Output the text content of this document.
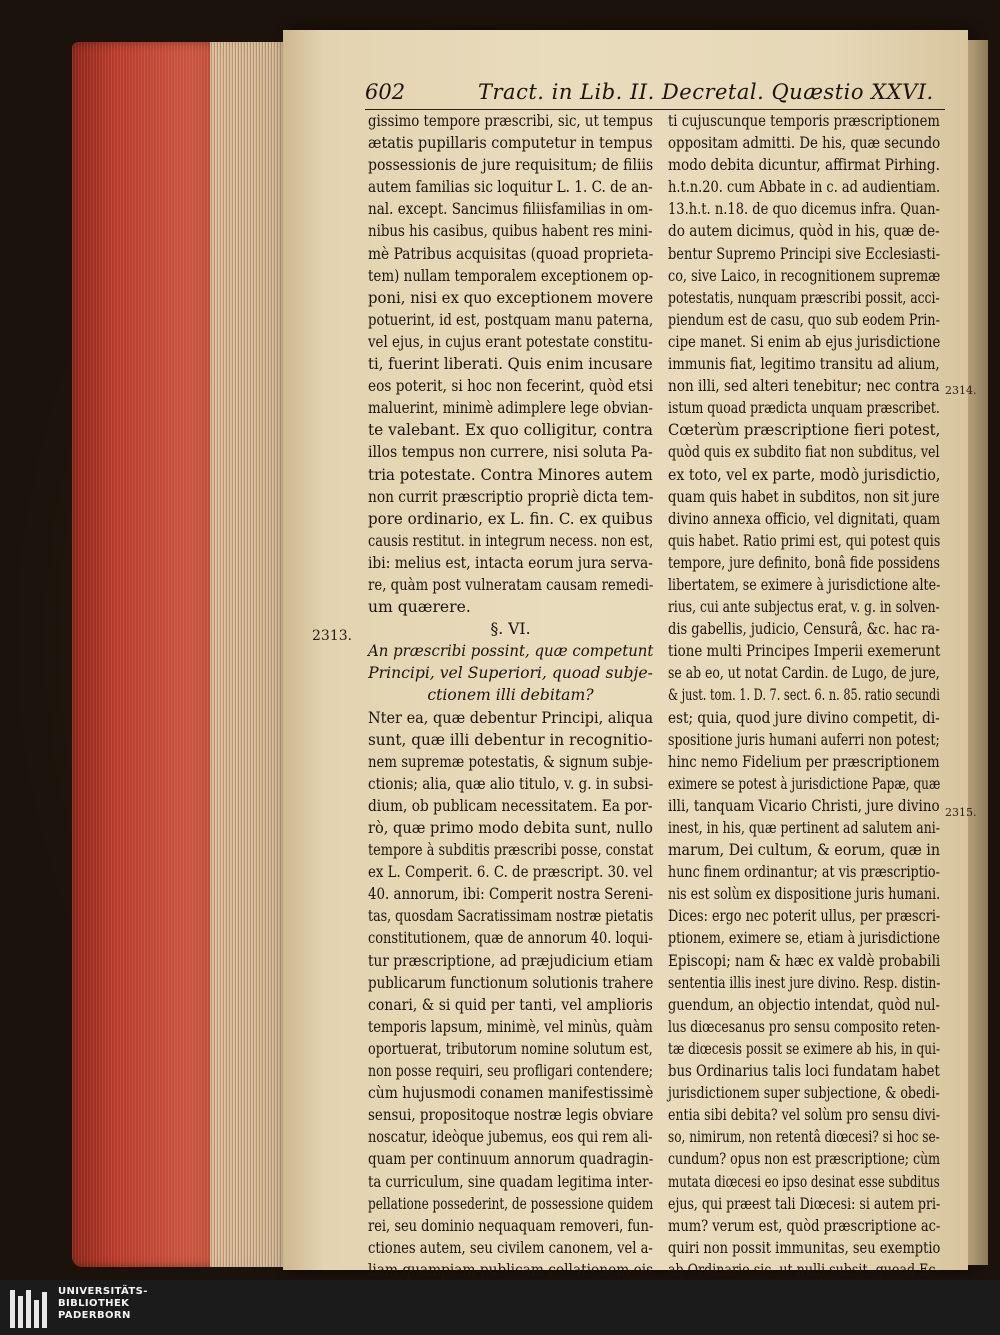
602	Tract. in Lib. II. Decretal. Quæstio XXVI.
gissimo tempore præscribi, sic, ut tempus
ætatis pupillaris computetur in tempus
possessionis de jure requisitum; de filiis
autem familias sic loquitur L. 1. C. de an-
nal. except. Sancimus filiisfamilias in om-
nibus his casibus, quibus habent res mini-
mè Patribus acquisitas (quoad proprieta-
tem) nullam temporalem exceptionem op-
poni, nisi ex quo exceptionem movere
potuerint, id est, postquam manu paterna,
vel ejus, in cujus erant potestate constitu-
ti, fuerint liberati. Quis enim incusare
eos poterit, si hoc non fecerint, quòd etsi
maluerint, minimè adimplere lege obvian-
te valebant. Ex quo colligitur, contra
illos tempus non currere, nisi soluta Pa-
tria potestate. Contra Minores autem
non currit præscriptio propriè dicta tem-
pore ordinario, ex L. fin. C. ex quibus
causis restitut. in integrum necess. non est,
ibi: melius est, intacta eorum jura serva-
re, quàm post vulneratam causam remedi-
um quærere.
§. VI.
An præscribi possint, quæ competunt
Principi, vel Superiori, quoad subje-
ctionem illi debitam?
Nter ea, quæ debentur Principi, aliqua
sunt, quæ illi debentur in recognitio-
nem supremæ potestatis, & signum subje-
ctionis; alia, quæ alio titulo, v. g. in subsi-
dium, ob publicam necessitatem. Ea por-
rò, quæ primo modo debita sunt, nullo
tempore à subditis præscribi posse, constat
ex L. Comperit. 6. C. de præscript. 30. vel
40. annorum, ibi: Comperit nostra Sereni-
tas, quosdam Sacratissimam nostræ pietatis
constitutionem, quæ de annorum 40. loqui-
tur præscriptione, ad præjudicium etiam
publicarum functionum solutionis trahere
conari, & si quid per tanti, vel amplioris
temporis lapsum, minimè, vel minùs, quàm
oportuerat, tributorum nomine solutum est,
non posse requiri, seu profligari contendere;
cùm hujusmodi conamen manifestissimè
sensui, propositoque nostræ legis obviare
noscatur, ideòque jubemus, eos qui rem ali-
quam per continuum annorum quadragin-
ta curriculum, sine quadam legitima inter-
pellatione possederint, de possessione quidem
rei, seu dominio nequaquam removeri, fun-
ctiones autem, seu civilem canonem, vel a-
liam quampiam publicam collationem eis
ti cujuscunque temporis præscriptionem
oppositam admitti. De his, quæ secundo
modo debita dicuntur, affirmat Pirhing.
h.t.n.20. cum Abbate in c. ad audientiam.
13.h.t. n.18. de quo dicemus infra. Quan-
do autem dicimus, quòd in his, quæ de-
bentur Supremo Principi sive Ecclesiasti-
co, sive Laico, in recognitionem supremæ
potestatis, nunquam præscribi possit, acci-
piendum est de casu, quo sub eodem Prin-
cipe manet. Si enim ab ejus jurisdictione
immunis fiat, legitimo transitu ad alium,
non illi, sed alteri tenebitur; nec contra
istum quoad prædicta unquam præscribet.
Cœterùm præscriptione fieri potest,
quòd quis ex subdito fiat non subditus, vel
ex toto, vel ex parte, modò jurisdictio,
quam quis habet in subditos, non sit jure
divino annexa officio, vel dignitati, quam
quis habet. Ratio primi est, qui potest quis
tempore, jure definito, bonâ fide possidens
libertatem, se eximere à jurisdictione alte-
rius, cui ante subjectus erat, v. g. in solven-
dis gabellis, judicio, Censurâ, &c. hac ra-
tione multi Principes Imperii exemerunt
se ab eo, ut notat Cardin. de Lugo, de jure,
& just. tom. 1. D. 7. sect. 6. n. 85. ratio secundi
est; quia, quod jure divino competit, di-
spositione juris humani auferri non potest;
hinc nemo Fidelium per præscriptionem
eximere se potest à jurisdictione Papæ, quæ
illi, tanquam Vicario Christi, jure divino
inest, in his, quæ pertinent ad salutem ani-
marum, Dei cultum, & eorum, quæ in
hunc finem ordinantur; at vis præscriptio-
nis est solùm ex dispositione juris humani.
Dices: ergo nec poterit ullus, per præscri-
ptionem, eximere se, etiam à jurisdictione
Episcopi; nam & hæc ex valdè probabili
sententia illis inest jure divino. Resp. distin-
guendum, an objectio intendat, quòd nul-
lus diœcesanus pro sensu composito reten-
tæ diœcesis possit se eximere ab his, in qui-
bus Ordinarius talis loci fundatam habet
jurisdictionem super subjectione, & obedi-
entia sibi debita? vel solùm pro sensu divi-
so, nimirum, non retentâ diœcesi? si hoc se-
cundum? opus non est præscriptione; cùm
mutata diœcesi eo ipso desinat esse subditus
ejus, qui præest tali Diœcesi: si autem pri-
mum? verum est, quòd præscriptione ac-
quiri non possit immunitas, seu exemptio
ab Ordinario sic, ut nulli subsit, quoad Ec-
2313.
2314.
2315.
UNIVERSITÄTS-
BIBLIOTHEK
PADERBORN
